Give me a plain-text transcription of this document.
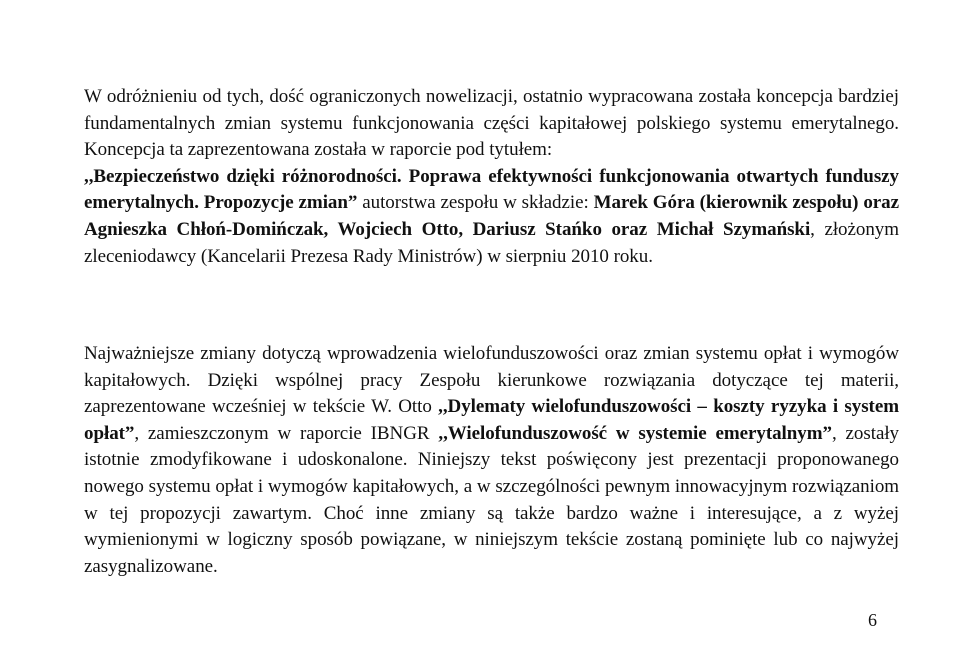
W odróżnieniu od tych, dość ograniczonych nowelizacji, ostatnio wypracowana została koncepcja bardziej fundamentalnych zmian systemu funkcjonowania części kapitałowej polskiego systemu emerytalnego. Koncepcja ta zaprezentowana została w raporcie pod tytułem:
,,Bezpieczeństwo dzięki różnorodności. Poprawa efektywności funkcjonowania otwartych funduszy emerytalnych. Propozycje zmian” autorstwa zespołu w składzie: Marek Góra (kierownik zespołu) oraz Agnieszka Chłoń-Domińczak, Wojciech Otto, Dariusz Stańko oraz Michał Szymański, złożonym zleceniodawcy (Kancelarii Prezesa Rady Ministrów) w sierpniu 2010 roku.

Najważniejsze zmiany dotyczą wprowadzenia wielofunduszowości oraz zmian systemu opłat i wymogów kapitałowych. Dzięki wspólnej pracy Zespołu kierunkowe rozwiązania dotyczące tej materii, zaprezentowane wcześniej w tekście W. Otto ,,Dylematy wielofunduszowości – koszty ryzyka i system opłat”, zamieszczonym w raporcie IBNGR ,,Wielofunduszowość w systemie emerytalnym”, zostały istotnie zmodyfikowane i udoskonalone. Niniejszy tekst poświęcony jest prezentacji proponowanego nowego systemu opłat i wymogów kapitałowych, a w szczególności pewnym innowacyjnym rozwiązaniom w tej propozycji zawartym. Choć inne zmiany są także bardzo ważne i interesujące, a z wyżej wymienionymi w logiczny sposób powiązane, w niniejszym tekście zostaną pominięte lub co najwyżej zasygnalizowane.

6
